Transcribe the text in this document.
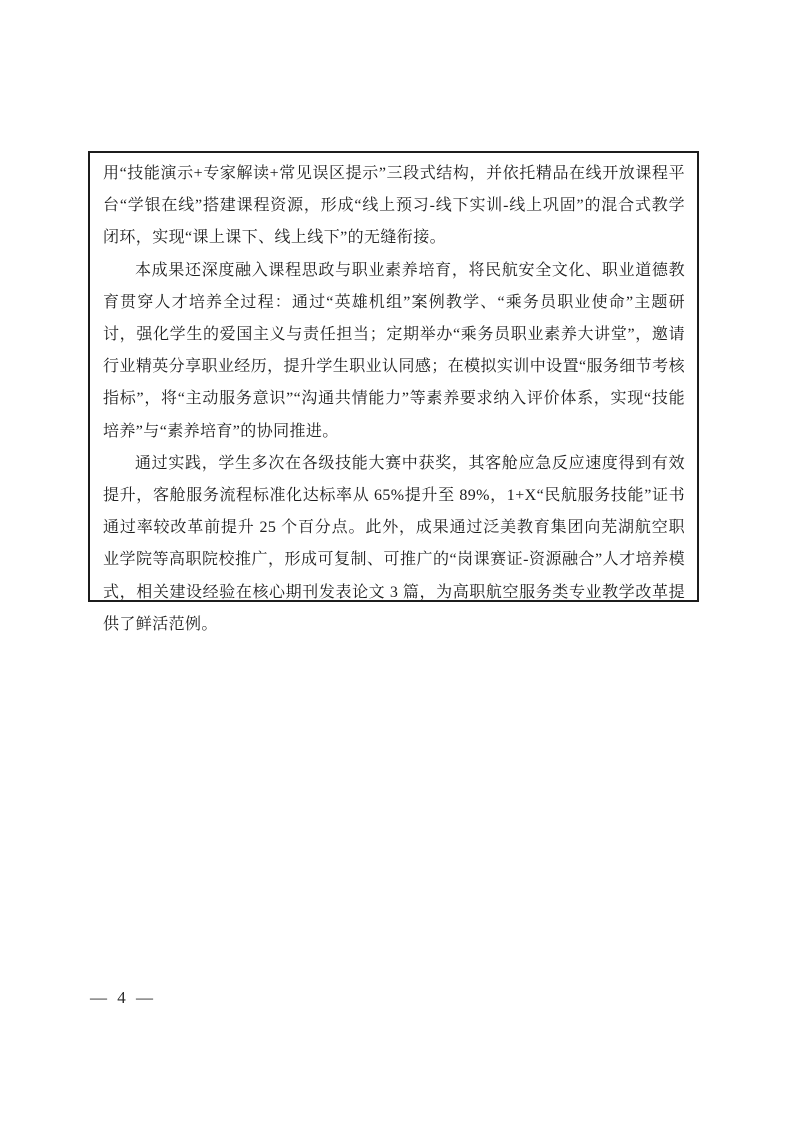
用“技能演示+专家解读+常见误区提示”三段式结构，并依托精品在线开放课程平台“学银在线”搭建课程资源，形成“线上预习-线下实训-线上巩固”的混合式教学闭环，实现“课上课下、线上线下”的无缝衔接。

本成果还深度融入课程思政与职业素养培育，将民航安全文化、职业道德教育贯穿人才培养全过程：通过“英雄机组”案例教学、“乘务员职业使命”主题研讨，强化学生的爱国主义与责任担当；定期举办“乘务员职业素养大讲堂”，邀请行业精英分享职业经历，提升学生职业认同感；在模拟实训中设置“服务细节考核指标”，将“主动服务意识”“沟通共情能力”等素养要求纳入评价体系，实现“技能培养”与“素养培育”的协同推进。

通过实践，学生多次在各级技能大赛中获奖，其客舱应急反应速度得到有效提升，客舱服务流程标准化达标率从 65%提升至 89%，1+X“民航服务技能”证书通过率较改革前提升 25 个百分点。此外，成果通过泛美教育集团向芜湖航空职业学院等高职院校推广，形成可复制、可推广的“岗课赛证-资源融合”人才培养模式，相关建设经验在核心期刊发表论文 3 篇，为高职航空服务类专业教学改革提供了鲜活范例。

— 4 —
